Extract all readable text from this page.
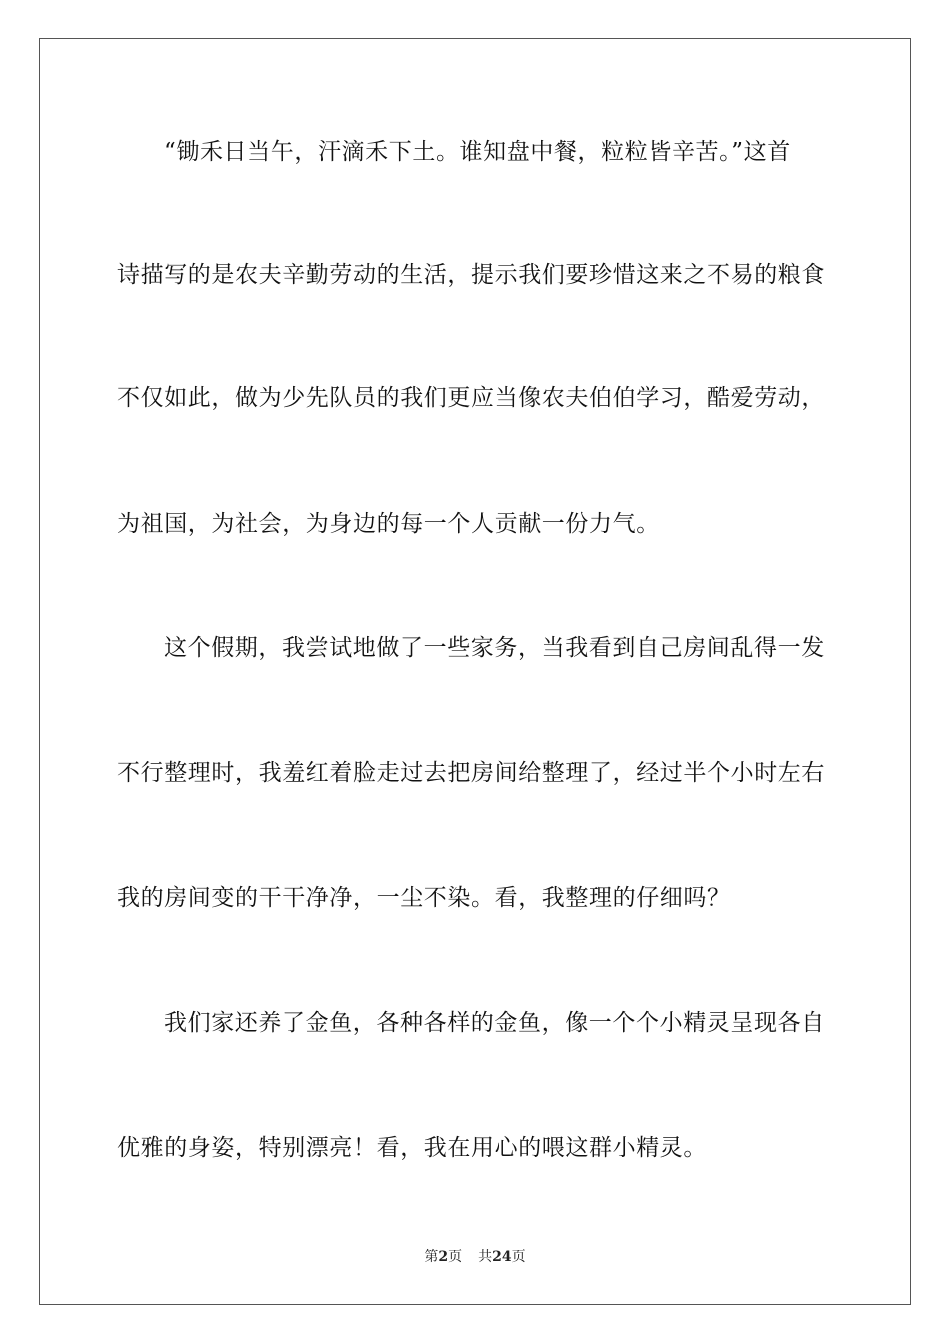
“锄禾日当午，汗滴禾下土。谁知盘中餐，粒粒皆辛苦。”这首
诗描写的是农夫辛勤劳动的生活，提示我们要珍惜这来之不易的粮食
不仅如此，做为少先队员的我们更应当像农夫伯伯学习，酷爱劳动，
为祖国，为社会，为身边的每一个人贡献一份力气。
这个假期，我尝试地做了一些家务，当我看到自己房间乱得一发
不行整理时，我羞红着脸走过去把房间给整理了，经过半个小时左右
我的房间变的干干净净，一尘不染。看，我整理的仔细吗？
我们家还养了金鱼，各种各样的金鱼，像一个个小精灵呈现各自
优雅的身姿，特别漂亮！看，我在用心的喂这群小精灵。
第2页 共24页
